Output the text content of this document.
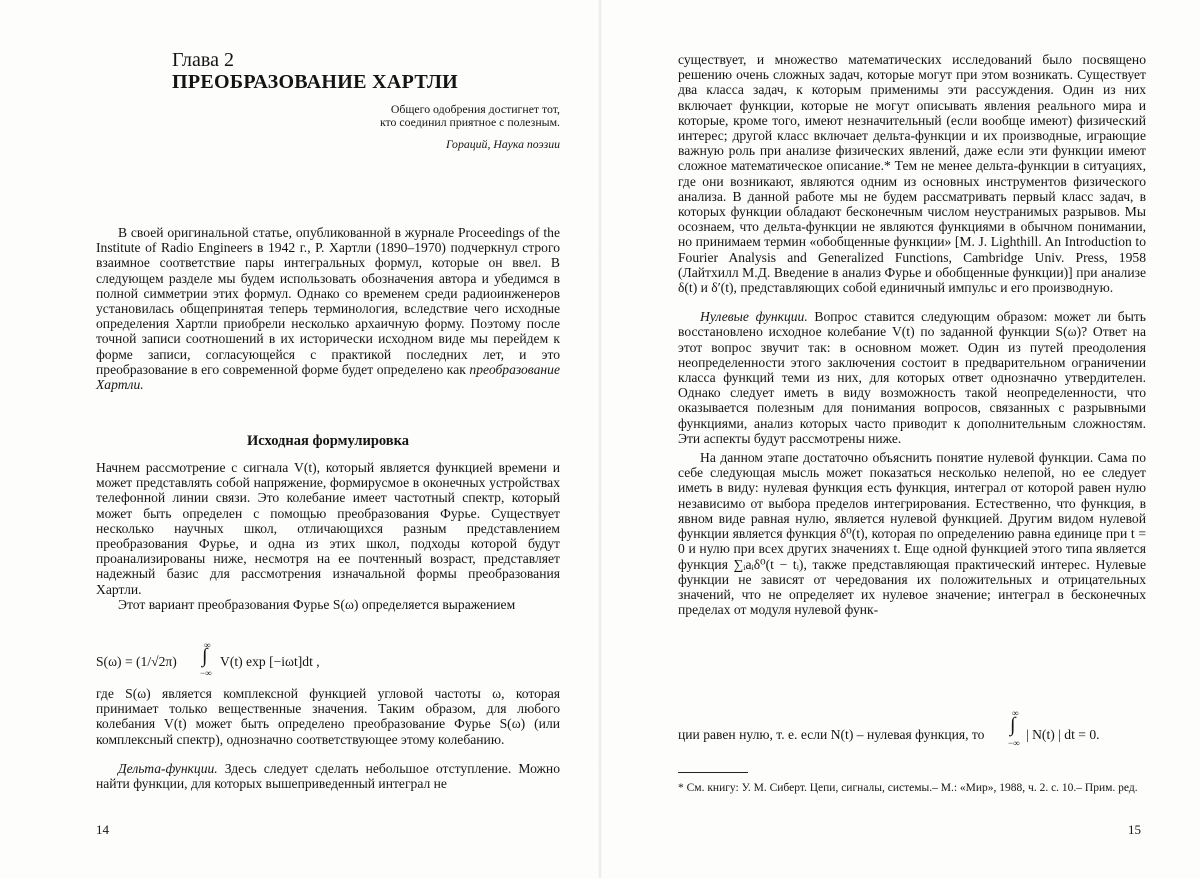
Глава 2
ПРЕОБРАЗОВАНИЕ ХАРТЛИ
Общего одобрения достигнет тот,
кто соединил приятное с полезным.
Гораций, Наука поэзии

В своей оригинальной статье, опубликованной в журнале Proceedings of the Institute of Radio Engineers в 1942 г., Р. Хартли (1890–1970) подчеркнул строго взаимное соответствие пары интегральных формул, которые он ввел. В следующем разделе мы будем использовать обозначения автора и убедимся в полной симметрии этих формул. Однако со временем среди радиоинженеров установилась общепринятая теперь терминология, вследствие чего исходные определения Хартли приобрели несколько архаичную форму. Поэтому после точной записи соотношений в их исторически исходном виде мы перейдем к форме записи, согласующейся с практикой последних лет, и это преобразование в его современной форме будет определено как преобразование Хартли.

Исходная формулировка

Начнем рассмотрение с сигнала V(t), который является функцией времени и может представлять собой напряжение, формирусмое в оконечных устройствах телефонной линии связи. Это колебание имеет частотный спектр, который может быть определен с помощью преобразования Фурье. Существует несколько научных школ, отличающихся разным представлением преобразования Фурье, и одна из этих школ, подходы которой будут проанализированы ниже, несмотря на ее почтенный возраст, представляет надежный базис для рассмотрения изначальной формы преобразования Хартли.

Этот вариант преобразования Фурье S(ω) определяется выражением

S(ω) = (1/√2π)
∞
∫
−∞
V(t) exp [−iωt]dt ,

где S(ω) является комплексной функцией угловой частоты ω, которая принимает только вещественные значения. Таким образом, для любого колебания V(t) может быть определено преобразование Фурье S(ω) (или комплексный спектр), однозначно соответствующее этому колебанию.

Дельта-функции. Здесь следует сделать небольшое отступление. Можно найти функции, для которых вышеприведенный интеграл не

14

существует, и множество математических исследований было посвящено решению очень сложных задач, которые могут при этом возникать. Существует два класса задач, к которым применимы эти рассуждения. Один из них включает функции, которые не могут описывать явления реального мира и которые, кроме того, имеют незначительный (если вообще имеют) физический интерес; другой класс включает дельта-функции и их производные, играющие важную роль при анализе физических явлений, даже если эти функции имеют сложное математическое описание.* Тем не менее дельта-функции в ситуациях, где они возникают, являются одним из основных инструментов физического анализа. В данной работе мы не будем рассматривать первый класс задач, в которых функции обладают бесконечным числом неустранимых разрывов. Мы осознаем, что дельта-функции не являются функциями в обычном понимании, но принимаем термин «обобщенные функции» [M. J. Lighthill. An Introduction to Fourier Analysis and Generalized Functions, Cambridge Univ. Press, 1958 (Лайтхилл М.Д. Введение в анализ Фурье и обобщенные функции)] при анализе δ(t) и δ′(t), представляющих собой единичный импульс и его производную.

Нулевые функции. Вопрос ставится следующим образом: может ли быть восстановлено исходное колебание V(t) по заданной функции S(ω)? Ответ на этот вопрос звучит так: в основном может. Один из путей преодоления неопределенности этого заключения состоит в предварительном ограничении класса функций теми из них, для которых ответ однозначно утвердителен. Однако следует иметь в виду возможность такой неопределенности, что оказывается полезным для понимания вопросов, связанных с разрывными функциями, анализ которых часто приводит к дополнительным сложностям. Эти аспекты будут рассмотрены ниже.

На данном этапе достаточно объяснить понятие нулевой функции. Сама по себе следующая мысль может показаться несколько нелепой, но ее следует иметь в виду: нулевая функция есть функция, интеграл от которой равен нулю независимо от выбора пределов интегрирования. Естественно, что функция, в явном виде равная нулю, является нулевой функцией. Другим видом нулевой функции является функция δ⁰(t), которая по определению равна единице при t = 0 и нулю при всех других значениях t. Еще одной функцией этого типа является функция ∑ᵢaᵢδ⁰(t − tᵢ), также представляющая практический интерес. Нулевые функции не зависят от чередования их положительных и отрицательных значений, что не определяет их нулевое значение; интеграл в бесконечных пределах от модуля нулевой функ-

ции равен нулю, т. е. если N(t) – нулевая функция, то
∞
∫
−∞
| N(t) | dt = 0.
* См. книгу: У. М. Сиберт. Цепи, сигналы, системы.– М.: «Мир», 1988, ч. 2. с. 10.– Прим. ред.
15
